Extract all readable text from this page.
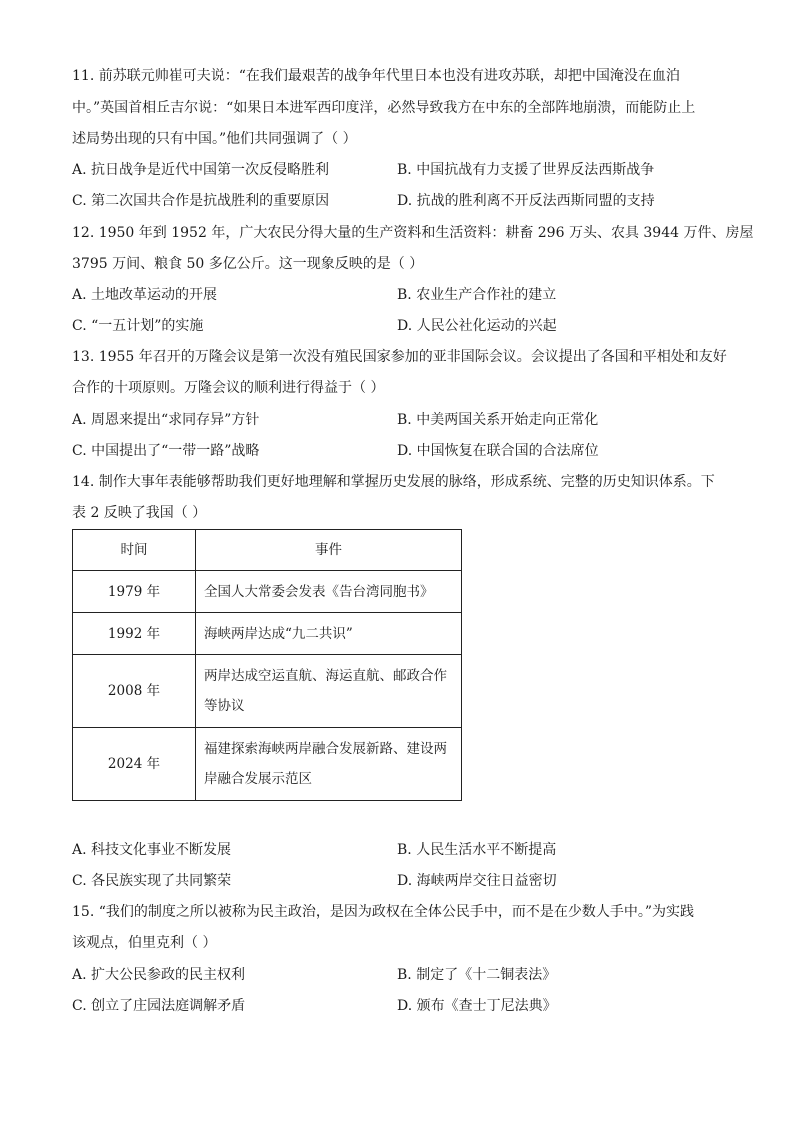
11. 前苏联元帅崔可夫说：“在我们最艰苦的战争年代里日本也没有进攻苏联，却把中国淹没在血泊
中。”英国首相丘吉尔说：“如果日本进军西印度洋，必然导致我方在中东的全部阵地崩溃，而能防止上
述局势出现的只有中国。”他们共同强调了（ ）
A. 抗日战争是近代中国第一次反侵略胜利	B. 中国抗战有力支援了世界反法西斯战争
C. 第二次国共合作是抗战胜利的重要原因	D. 抗战的胜利离不开反法西斯同盟的支持
12. 1950 年到 1952 年，广大农民分得大量的生产资料和生活资料：耕畜 296 万头、农具 3944 万件、房屋
3795 万间、粮食 50 多亿公斤。这一现象反映的是（ ）
A. 土地改革运动的开展	B. 农业生产合作社的建立
C. “一五计划”的实施	D. 人民公社化运动的兴起
13. 1955 年召开的万隆会议是第一次没有殖民国家参加的亚非国际会议。会议提出了各国和平相处和友好
合作的十项原则。万隆会议的顺利进行得益于（ ）
A. 周恩来提出“求同存异”方针	B. 中美两国关系开始走向正常化
C. 中国提出了“一带一路”战略	D. 中国恢复在联合国的合法席位
14. 制作大事年表能够帮助我们更好地理解和掌握历史发展的脉络，形成系统、完整的历史知识体系。下
表 2 反映了我国（ ）
时间	事件
1979 年	全国人大常委会发表《告台湾同胞书》

1992 年	海峡两岸达成“九二共识”

2008 年	两岸达成空运直航、海运直航、邮政合作
等协议

2024 年	福建探索海峡两岸融合发展新路、建设两
岸融合发展示范区
A. 科技文化事业不断发展	B. 人民生活水平不断提高
C. 各民族实现了共同繁荣	D. 海峡两岸交往日益密切
15. “我们的制度之所以被称为民主政治，是因为政权在全体公民手中，而不是在少数人手中。”为实践
该观点，伯里克利（ ）
A. 扩大公民参政的民主权利	B. 制定了《十二铜表法》
C. 创立了庄园法庭调解矛盾	D. 颁布《查士丁尼法典》
